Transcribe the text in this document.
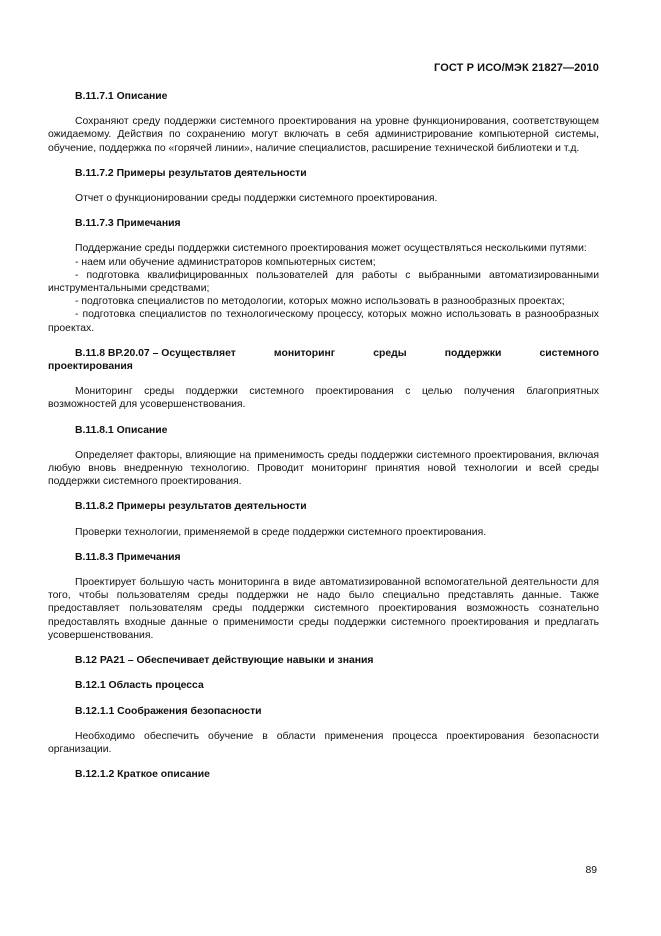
ГОСТ Р ИСО/МЭК 21827—2010
В.11.7.1 Описание
Сохраняют среду поддержки системного проектирования на уровне функционирования, соответствующем ожидаемому. Действия по сохранению могут включать в себя администрирование компьютерной системы, обучение, поддержка по «горячей линии», наличие специалистов, расширение технической библиотеки и т.д.
В.11.7.2 Примеры результатов деятельности
Отчет о функционировании среды поддержки системного проектирования.
В.11.7.3 Примечания
Поддержание среды поддержки системного проектирования может осуществляться несколькими путями:
- наем или обучение администраторов компьютерных систем;
- подготовка квалифицированных пользователей для работы с выбранными автоматизированными инструментальными средствами;
- подготовка специалистов по методологии, которых можно использовать в разнообразных проектах;
- подготовка специалистов по технологическому процессу, которых можно использовать в разнообразных проектах.
В.11.8 ВР.20.07 – Осуществляет	мониторинг	среды	поддержки	системного
проектирования
Мониторинг среды поддержки системного проектирования с целью получения благоприятных возможностей для усовершенствования.
В.11.8.1 Описание
Определяет факторы, влияющие на применимость среды поддержки системного проектирования, включая любую вновь внедренную технологию. Проводит мониторинг принятия новой технологии и всей среды поддержки системного проектирования.
В.11.8.2 Примеры результатов деятельности
Проверки технологии, применяемой в среде поддержки системного проектирования.
В.11.8.3 Примечания
Проектирует большую часть мониторинга в виде автоматизированной вспомогательной деятельности для того, чтобы пользователям среды поддержки не надо было специально представлять данные. Также предоставляет пользователям среды поддержки системного проектирования возможность сознательно предоставлять входные данные о применимости среды поддержки системного проектирования и предлагать усовершенствования.
В.12 РА21 – Обеспечивает действующие навыки и знания
В.12.1 Область процесса
В.12.1.1 Соображения безопасности
Необходимо обеспечить обучение в области применения процесса проектирования безопасности организации.
В.12.1.2 Краткое описание
89
